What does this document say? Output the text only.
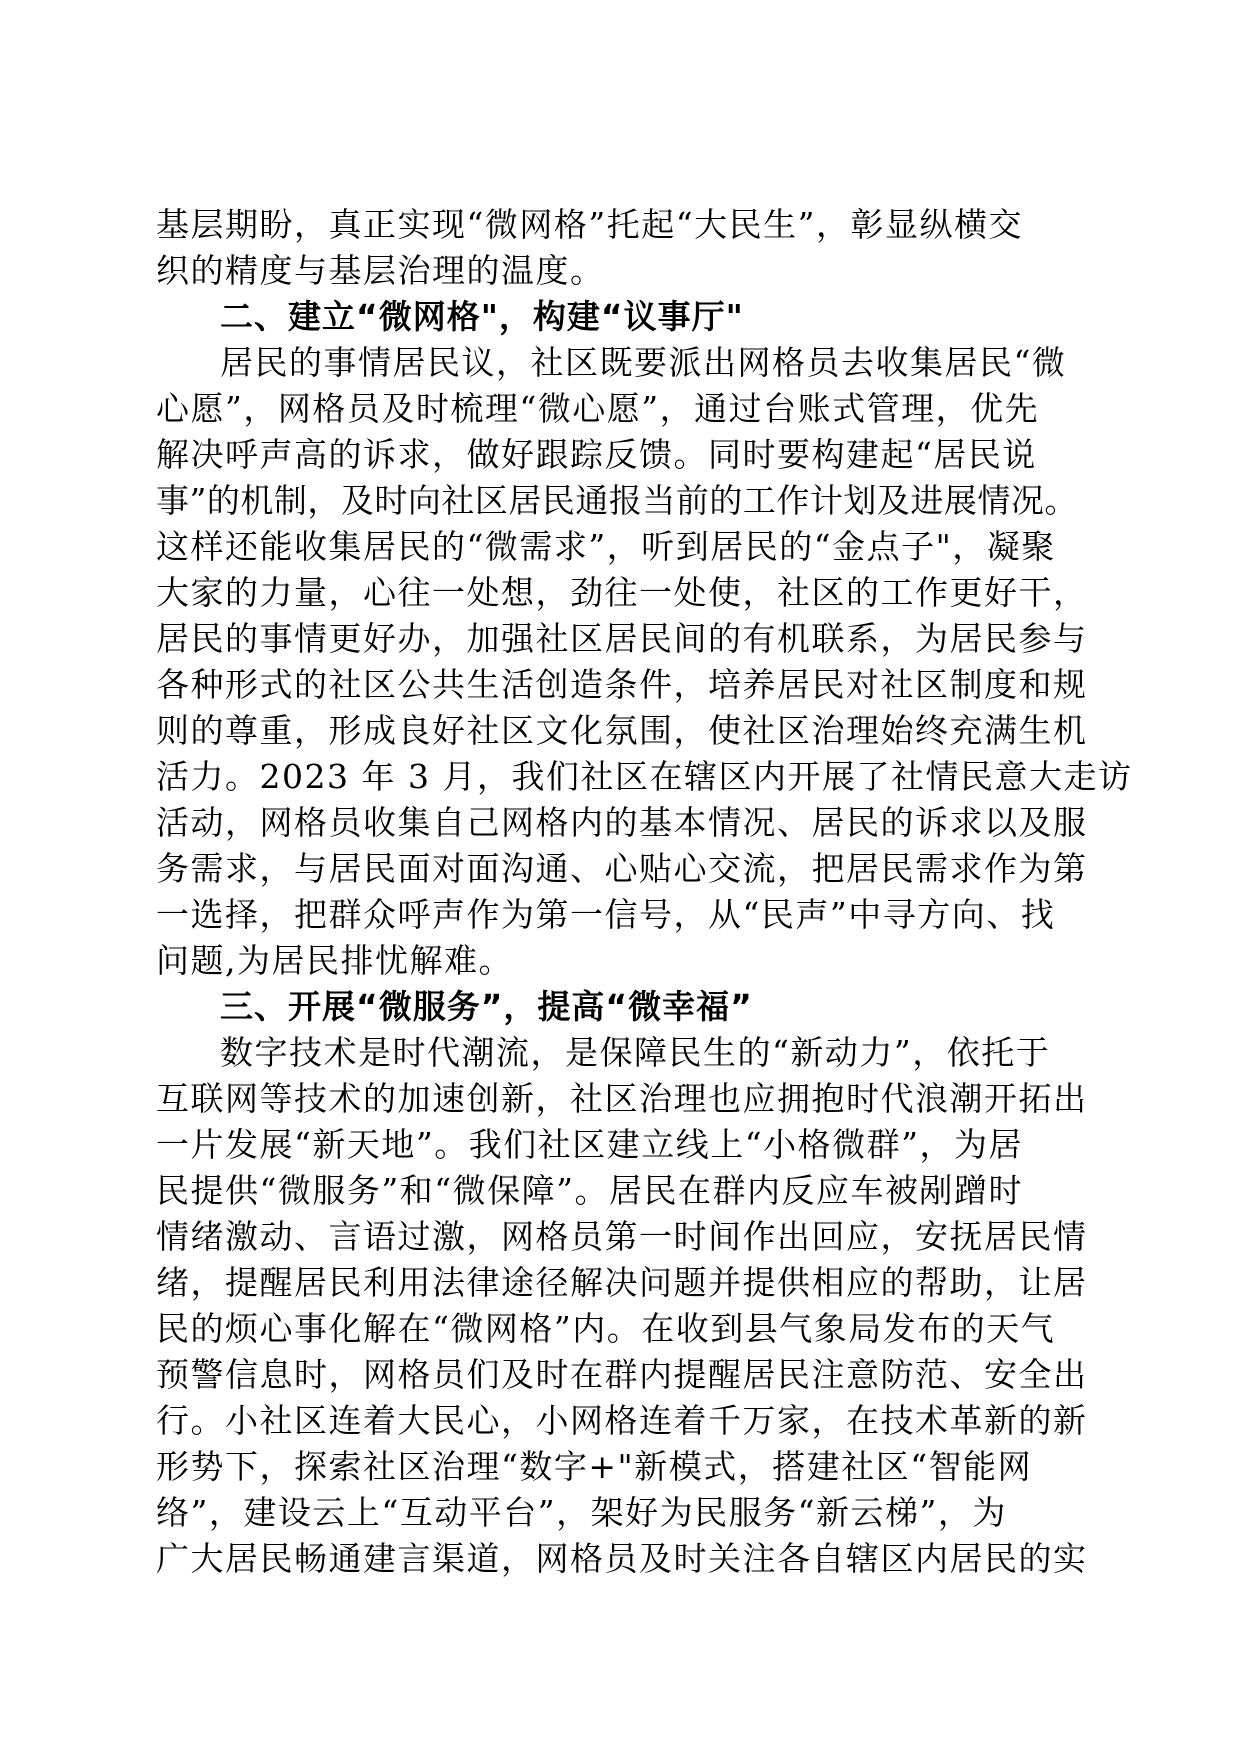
基层期盼，真正实现“微网格”托起“大民生”，彰显纵横交
织的精度与基层治理的温度。
二、建立“微网格"，构建“议事厅"
居民的事情居民议，社区既要派出网格员去收集居民“微
心愿”，网格员及时梳理“微心愿”，通过台账式管理，优先
解决呼声高的诉求，做好跟踪反馈。同时要构建起“居民说
事”的机制，及时向社区居民通报当前的工作计划及进展情况。
这样还能收集居民的“微需求”，听到居民的“金点子"，凝聚
大家的力量，心往一处想，劲往一处使，社区的工作更好干，
居民的事情更好办，加强社区居民间的有机联系，为居民参与
各种形式的社区公共生活创造条件，培养居民对社区制度和规
则的尊重，形成良好社区文化氛围，使社区治理始终充满生机
活力。2023 年 3 月，我们社区在辖区内开展了社情民意大走访
活动，网格员收集自己网格内的基本情况、居民的诉求以及服
务需求，与居民面对面沟通、心贴心交流，把居民需求作为第
一选择，把群众呼声作为第一信号，从“民声”中寻方向、找
问题,为居民排忧解难。
三、开展“微服务”，提高“微幸福”
数字技术是时代潮流，是保障民生的“新动力”，依托于
互联网等技术的加速创新，社区治理也应拥抱时代浪潮开拓出
一片发展“新天地”。我们社区建立线上“小格微群”，为居
民提供“微服务”和“微保障”。居民在群内反应车被剐蹭时
情绪激动、言语过激，网格员第一时间作出回应，安抚居民情
绪，提醒居民利用法律途径解决问题并提供相应的帮助，让居
民的烦心事化解在“微网格”内。在收到县气象局发布的天气
预警信息时，网格员们及时在群内提醒居民注意防范、安全出
行。小社区连着大民心，小网格连着千万家，在技术革新的新
形势下，探索社区治理“数字+"新模式，搭建社区“智能网
络”，建设云上“互动平台”，架好为民服务“新云梯”，为
广大居民畅通建言渠道，网格员及时关注各自辖区内居民的实
